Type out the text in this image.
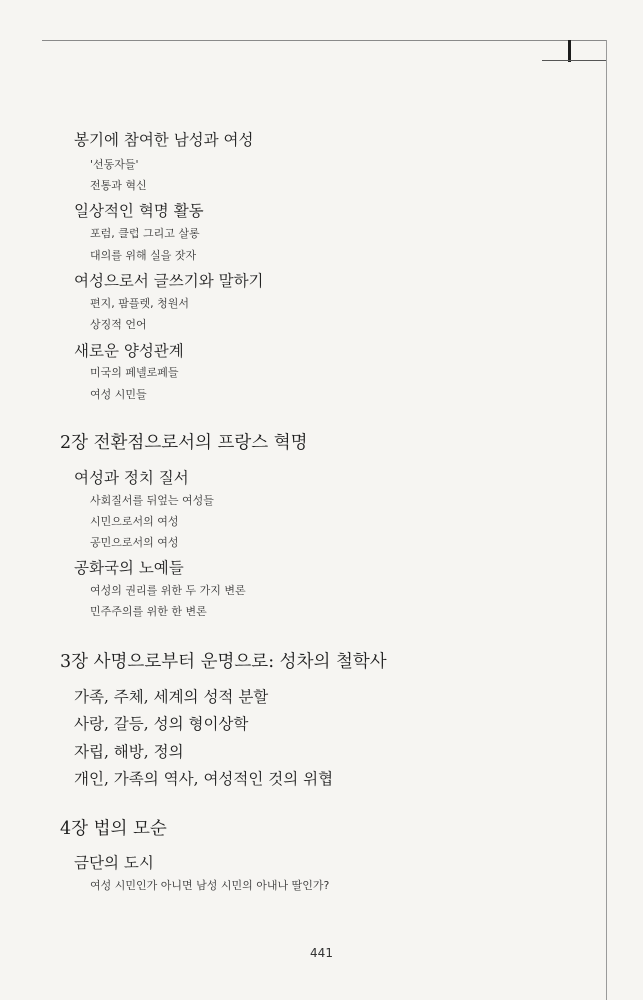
봉기에 참여한 남성과 여성
'선동자들'
전통과 혁신
일상적인 혁명 활동
포럼, 클럽 그리고 살롱
대의를 위해 실을 잣자
여성으로서 글쓰기와 말하기
편지, 팜플렛, 청원서
상징적 언어
새로운 양성관계
미국의 페넬로페들
여성 시민들
2장 전환점으로서의 프랑스 혁명
여성과 정치 질서
사회질서를 뒤엎는 여성들
시민으로서의 여성
공민으로서의 여성
공화국의 노예들
여성의 권리를 위한 두 가지 변론
민주주의를 위한 한 변론
3장 사명으로부터 운명으로: 성차의 철학사
가족, 주체, 세계의 성적 분할
사랑, 갈등, 성의 형이상학
자립, 해방, 정의
개인, 가족의 역사, 여성적인 것의 위협
4장 법의 모순
금단의 도시
여성 시민인가 아니면 남성 시민의 아내나 딸인가?
441
